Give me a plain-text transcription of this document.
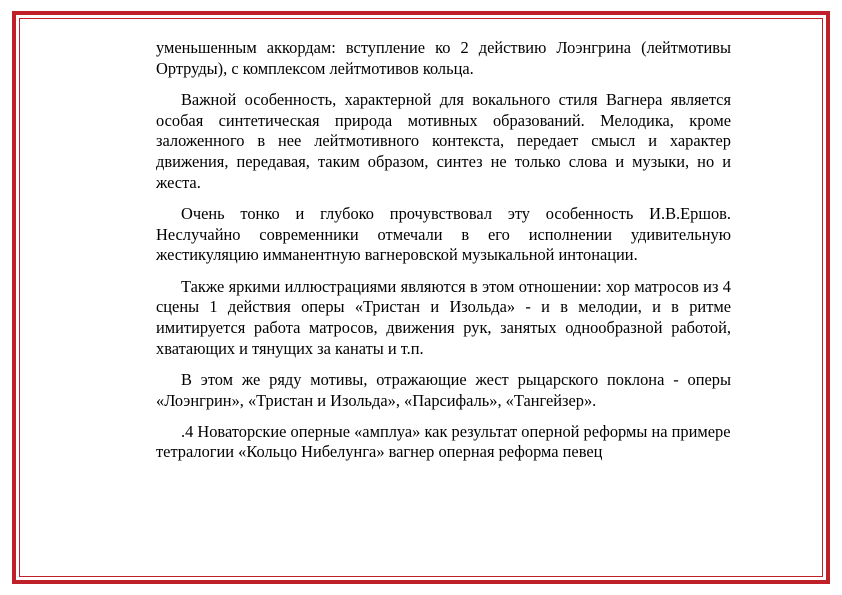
уменьшенным аккордам: вступление ко 2 действию Лоэнгрина (лейтмотивы Ортруды), с комплексом лейтмотивов кольца.

Важной особенность, характерной для вокального стиля Вагнера является особая синтетическая природа мотивных образований. Мелодика, кроме заложенного в нее лейтмотивного контекста, передает смысл и характер движения, передавая, таким образом, синтез не только слова и музыки, но и жеста.

Очень тонко и глубоко прочувствовал эту особенность И.В.Ершов. Неслучайно современники отмечали в его исполнении удивительную жестикуляцию имманентную вагнеровской музыкальной интонации.

Также яркими иллюстрациями являются в этом отношении: хор матросов из 4 сцены 1 действия оперы «Тристан и Изольда» - и в мелодии, и в ритме имитируется работа матросов, движения рук, занятых однообразной работой, хватающих и тянущих за канаты и т.п.

В этом же ряду мотивы, отражающие жест рыцарского поклона - оперы «Лоэнгрин», «Тристан и Изольда», «Парсифаль», «Тангейзер».

.4 Новаторские оперные «амплуа» как результат оперной реформы на примере тетралогии «Кольцо Нибелунга» вагнер оперная реформа певец
